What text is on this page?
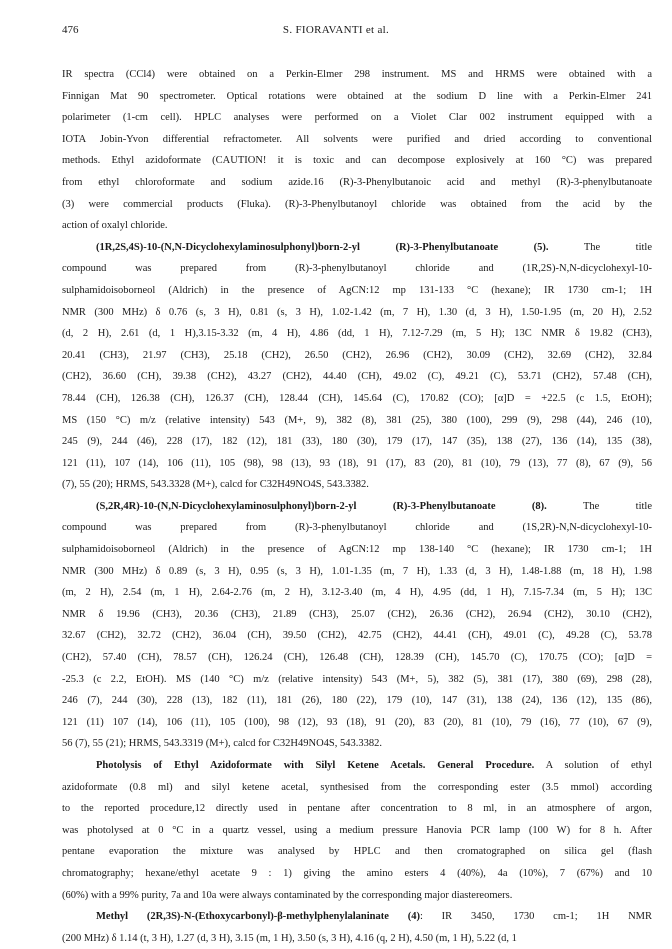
476	S. FIORAVANTI et al.
IR spectra (CCl4) were obtained on a Perkin-Elmer 298 instrument. MS and HRMS were obtained with a
Finnigan Mat 90 spectrometer. Optical rotations were obtained at the sodium D line with a Perkin-Elmer 241
polarimeter (1-cm cell). HPLC analyses were performed on a Violet Clar 002 instrument equipped with a
IOTA Jobin-Yvon differential refractometer. All solvents were purified and dried according to conventional
methods. Ethyl azidoformate (CAUTION! it is toxic and can decompose explosively at 160 °C) was prepared
from ethyl chloroformate and sodium azide.16 (R)-3-Phenylbutanoic acid and methyl (R)-3-phenylbutanoate
(3) were commercial products (Fluka). (R)-3-Phenylbutanoyl chloride was obtained from the acid by the
action of oxalyl chloride.
(1R,2S,4S)-10-(N,N-Dicyclohexylaminosulphonyl)born-2-yl (R)-3-Phenylbutanoate (5). The title
compound was prepared from (R)-3-phenylbutanoyl chloride and (1R,2S)-N,N-dicyclohexyl-10-
sulphamidoisoborneol (Aldrich) in the presence of AgCN:12 mp 131-133 °C (hexane); IR 1730 cm-1; 1H
NMR (300 MHz) δ 0.76 (s, 3 H), 0.81 (s, 3 H), 1.02-1.42 (m, 7 H), 1.30 (d, 3 H), 1.50-1.95 (m, 20 H), 2.52
(d, 2 H), 2.61 (d, 1 H),3.15-3.32 (m, 4 H), 4.86 (dd, 1 H), 7.12-7.29 (m, 5 H); 13C NMR δ 19.82 (CH3),
20.41 (CH3), 21.97 (CH3), 25.18 (CH2), 26.50 (CH2), 26.96 (CH2), 30.09 (CH2), 32.69 (CH2), 32.84
(CH2), 36.60 (CH), 39.38 (CH2), 43.27 (CH2), 44.40 (CH), 49.02 (C), 49.21 (C), 53.71 (CH2), 57.48 (CH),
78.44 (CH), 126.38 (CH), 126.37 (CH), 128.44 (CH), 145.64 (C), 170.82 (CO); [α]D = +22.5 (c 1.5, EtOH);
MS (150 °C) m/z (relative intensity) 543 (M+, 9), 382 (8), 381 (25), 380 (100), 299 (9), 298 (44), 246 (10),
245 (9), 244 (46), 228 (17), 182 (12), 181 (33), 180 (30), 179 (17), 147 (35), 138 (27), 136 (14), 135 (38),
121 (11), 107 (14), 106 (11), 105 (98), 98 (13), 93 (18), 91 (17), 83 (20), 81 (10), 79 (13), 77 (8), 67 (9), 56
(7), 55 (20); HRMS, 543.3328 (M+), calcd for C32H49NO4S, 543.3382.
(S,2R,4R)-10-(N,N-Dicyclohexylaminosulphonyl)born-2-yl (R)-3-Phenylbutanoate (8). The title
compound was prepared from (R)-3-phenylbutanoyl chloride and (1S,2R)-N,N-dicyclohexyl-10-
sulphamidoisoborneol (Aldrich) in the presence of AgCN:12 mp 138-140 °C (hexane); IR 1730 cm-1; 1H
NMR (300 MHz) δ 0.89 (s, 3 H), 0.95 (s, 3 H), 1.01-1.35 (m, 7 H), 1.33 (d, 3 H), 1.48-1.88 (m, 18 H), 1.98
(m, 2 H), 2.54 (m, 1 H), 2.64-2.76 (m, 2 H), 3.12-3.40 (m, 4 H), 4.95 (dd, 1 H), 7.15-7.34 (m, 5 H); 13C
NMR δ 19.96 (CH3), 20.36 (CH3), 21.89 (CH3), 25.07 (CH2), 26.36 (CH2), 26.94 (CH2), 30.10 (CH2),
32.67 (CH2), 32.72 (CH2), 36.04 (CH), 39.50 (CH2), 42.75 (CH2), 44.41 (CH), 49.01 (C), 49.28 (C), 53.78
(CH2), 57.40 (CH), 78.57 (CH), 126.24 (CH), 126.48 (CH), 128.39 (CH), 145.70 (C), 170.75 (CO); [α]D =
-25.3 (c 2.2, EtOH). MS (140 °C) m/z (relative intensity) 543 (M+, 5), 382 (5), 381 (17), 380 (69), 298 (28),
246 (7), 244 (30), 228 (13), 182 (11), 181 (26), 180 (22), 179 (10), 147 (31), 138 (24), 136 (12), 135 (86),
121 (11) 107 (14), 106 (11), 105 (100), 98 (12), 93 (18), 91 (20), 83 (20), 81 (10), 79 (16), 77 (10), 67 (9),
56 (7), 55 (21); HRMS, 543.3319 (M+), calcd for C32H49NO4S, 543.3382.
Photolysis of Ethyl Azidoformate with Silyl Ketene Acetals. General Procedure. A solution of ethyl
azidoformate (0.8 ml) and silyl ketene acetal, synthesised from the corresponding ester (3.5 mmol) according
to the reported procedure,12 directly used in pentane after concentration to 8 ml, in an atmosphere of argon,
was photolysed at 0 °C in a quartz vessel, using a medium pressure Hanovia PCR lamp (100 W) for 8 h. After
pentane evaporation the mixture was analysed by HPLC and then cromatographed on silica gel (flash
chromatography; hexane/ethyl acetate 9 : 1) giving the amino esters 4 (40%), 4a (10%), 7 (67%) and 10
(60%) with a 99% purity, 7a and 10a were always contaminated by the corresponding major diastereomers.
Methyl (2R,3S)-N-(Ethoxycarbonyl)-β-methylphenylalaninate (4): IR 3450, 1730 cm-1; 1H NMR
(200 MHz) δ 1.14 (t, 3 H), 1.27 (d, 3 H), 3.15 (m, 1 H), 3.50 (s, 3 H), 4.16 (q, 2 H), 4.50 (m, 1 H), 5.22 (d, 1
